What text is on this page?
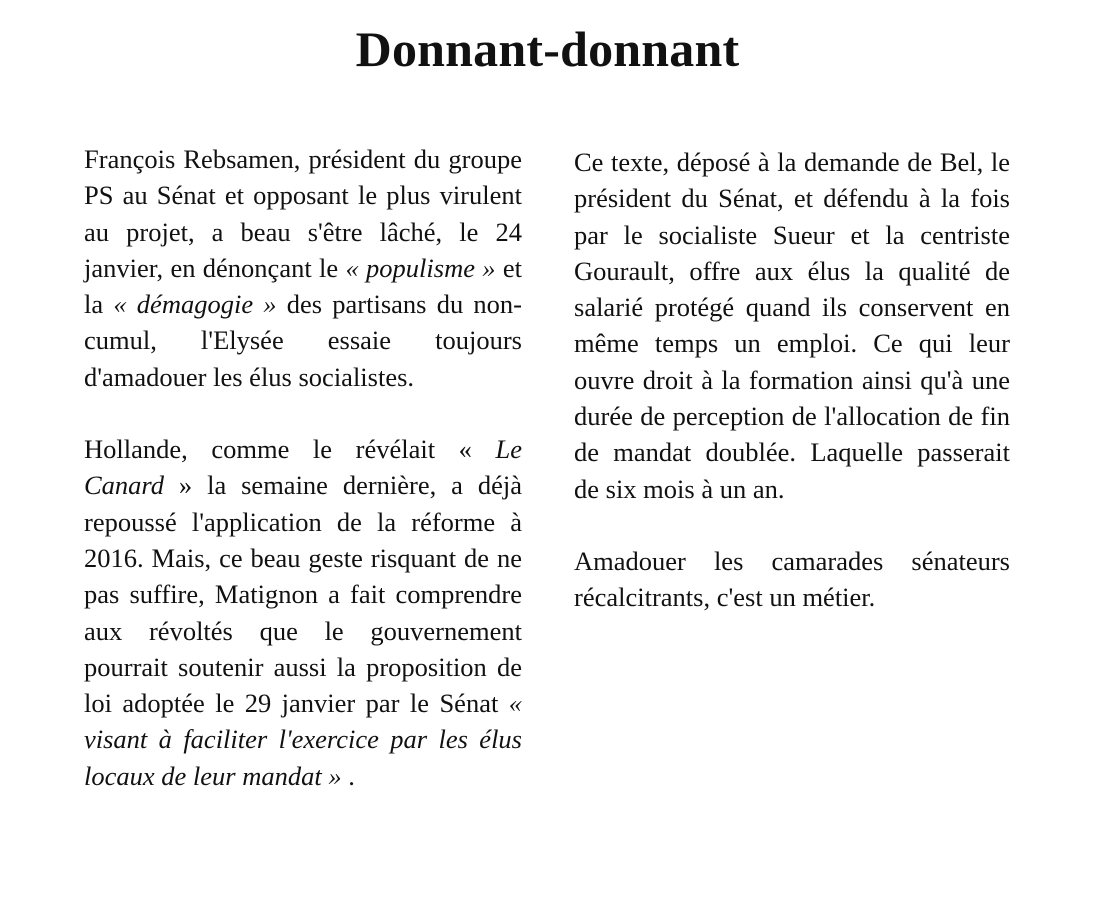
Donnant-donnant

François Rebsamen, président du groupe PS au Sénat et opposant le plus virulent au projet, a beau s'être lâché, le 24 janvier, en dénonçant le « populisme » et la « démagogie » des partisans du non-cumul, l'Elysée essaie toujours d'amadouer les élus socialistes.

Hollande, comme le révélait « Le Canard » la semaine dernière, a déjà repoussé l'application de la réforme à 2016. Mais, ce beau geste risquant de ne pas suffire, Matignon a fait comprendre aux révoltés que le gouvernement pourrait soutenir aussi la proposition de loi adoptée le 29 janvier par le Sénat « visant à faciliter l'exercice par les élus locaux de leur mandat » .

Ce texte, déposé à la demande de Bel, le président du Sénat, et défendu à la fois par le socialiste Sueur et la centriste Gourault, offre aux élus la qualité de salarié protégé quand ils conservent en même temps un emploi. Ce qui leur ouvre droit à la formation ainsi qu'à une durée de perception de l'allocation de fin de mandat doublée. Laquelle passerait de six mois à un an.

Amadouer les camarades sénateurs récalcitrants, c'est un métier.
